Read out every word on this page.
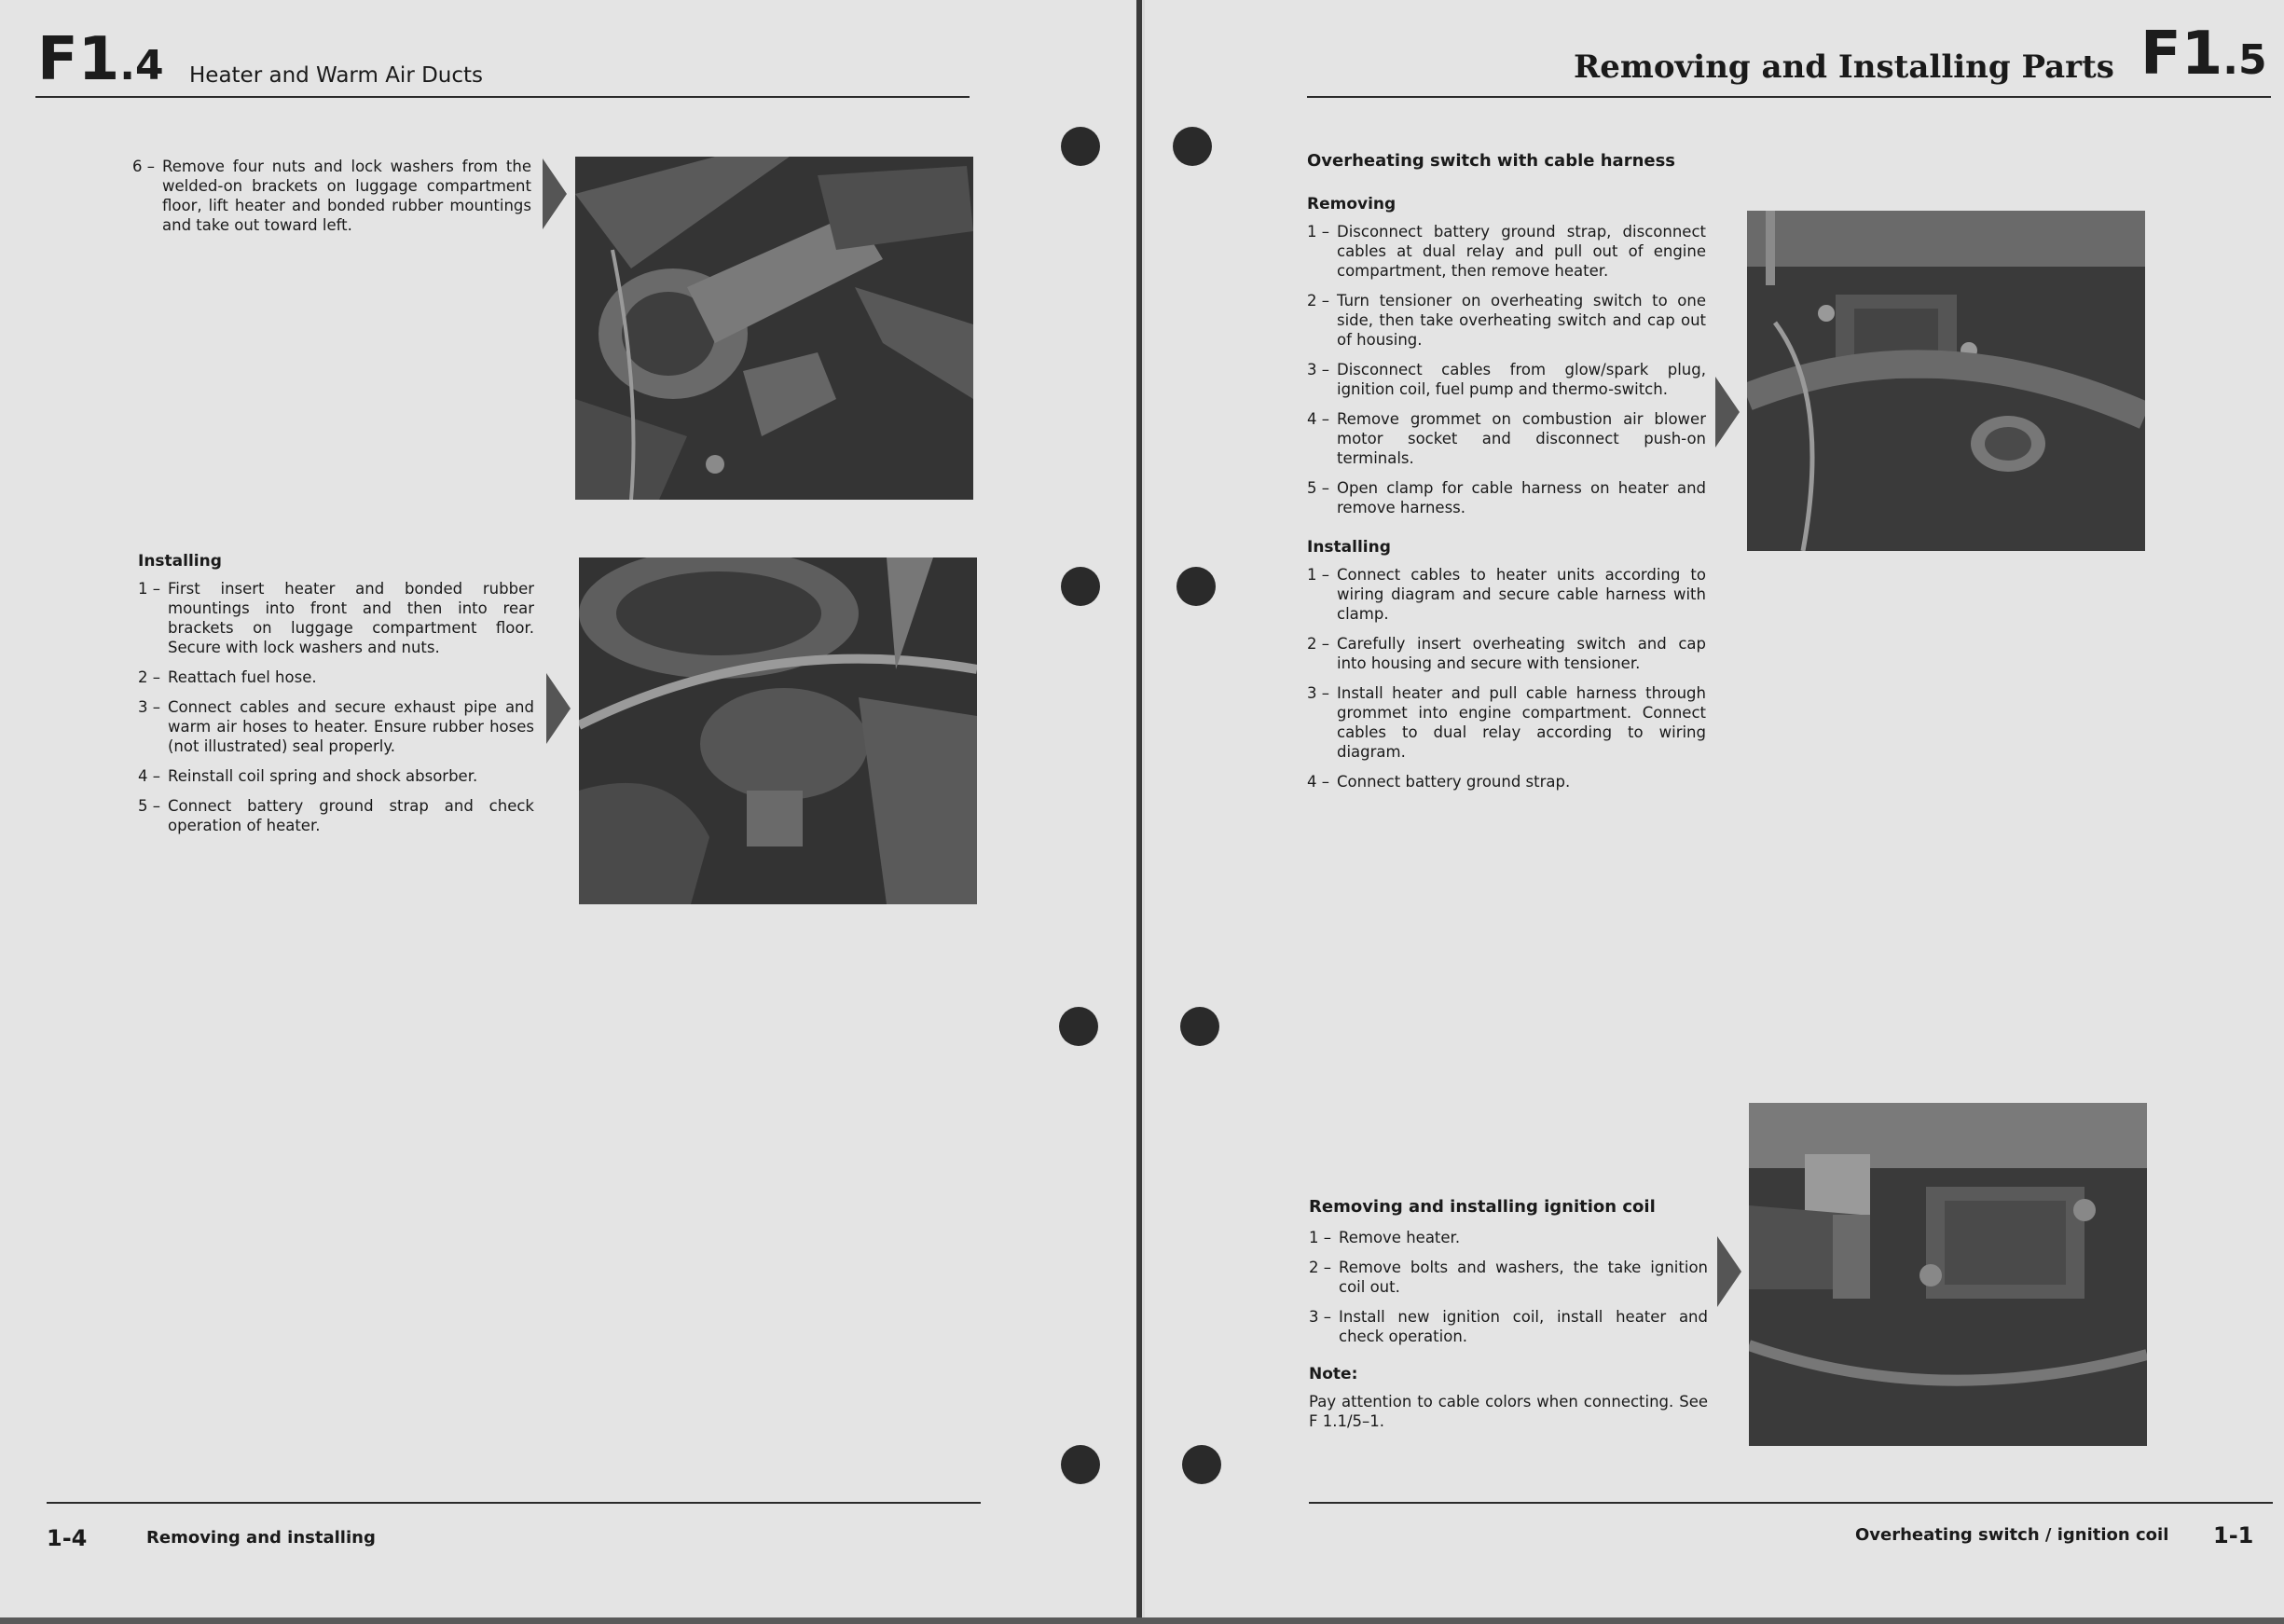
F1.4 Heater and Warm Air Ducts
6 – Remove four nuts and lock washers from the welded-on brackets on luggage compartment floor, lift heater and bonded rubber mountings and take out toward left.
Installing
1 – First insert heater and bonded rubber mountings into front and then into rear brackets on luggage compartment floor. Secure with lock washers and nuts.
2 – Reattach fuel hose.
3 – Connect cables and secure exhaust pipe and warm air hoses to heater. Ensure rubber hoses (not illustrated) seal properly.
4 – Reinstall coil spring and shock absorber.
5 – Connect battery ground strap and check operation of heater.
1-4	Removing and installing
Removing and Installing Parts F1.5
Overheating switch with cable harness
Removing
1 – Disconnect battery ground strap, disconnect cables at dual relay and pull out of engine compartment, then remove heater.
2 – Turn tensioner on overheating switch to one side, then take overheating switch and cap out of housing.
3 – Disconnect cables from glow/spark plug, ignition coil, fuel pump and thermo-switch.
4 – Remove grommet on combustion air blower motor socket and disconnect push-on terminals.
5 – Open clamp for cable harness on heater and remove harness.
Installing
1 – Connect cables to heater units according to wiring diagram and secure cable harness with clamp.
2 – Carefully insert overheating switch and cap into housing and secure with tensioner.
3 – Install heater and pull cable harness through grommet into engine compartment. Connect cables to dual relay according to wiring diagram.
4 – Connect battery ground strap.
Removing and installing ignition coil
1 – Remove heater.
2 – Remove bolts and washers, the take ignition coil out.
3 – Install new ignition coil, install heater and check operation.
Note:
Pay attention to cable colors when connecting. See F 1.1/5–1.
Overheating switch / ignition coil 1-1
